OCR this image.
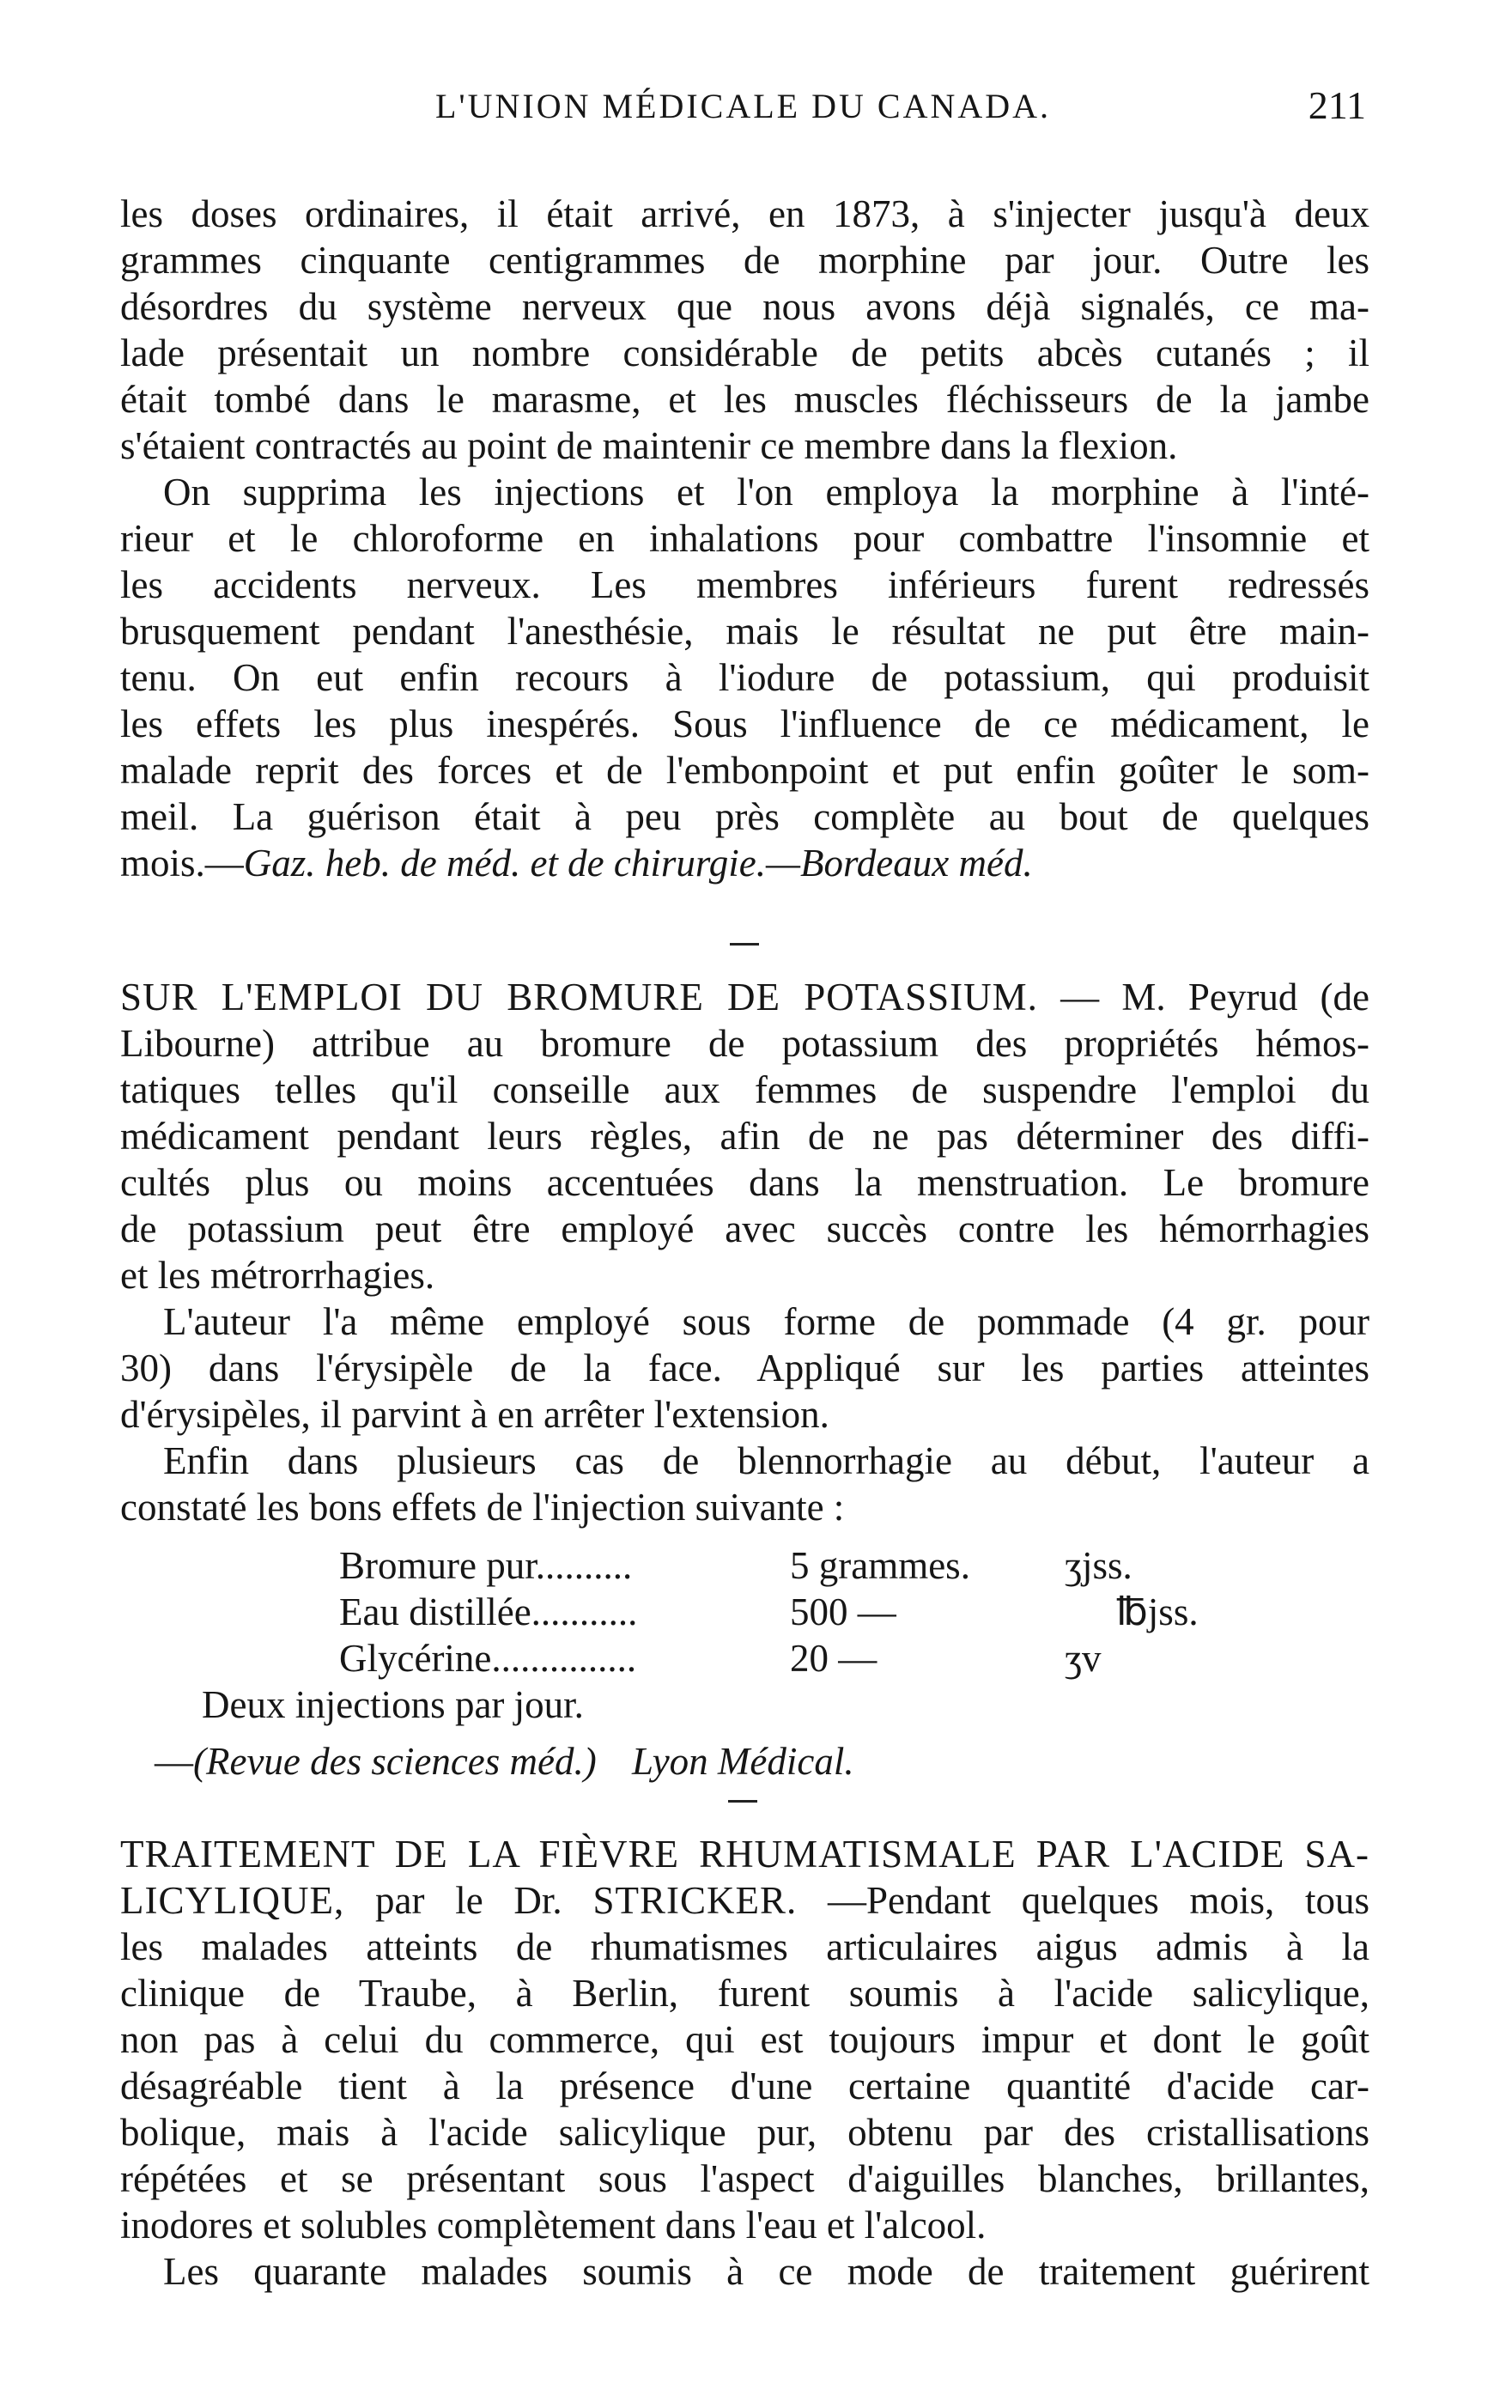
L'UNION MÉDICALE DU CANADA.	211
les doses ordinaires, il était arrivé, en 1873, à s'injecter jusqu'à deux
grammes cinquante centigrammes de morphine par jour. Outre les
désordres du système nerveux que nous avons déjà signalés, ce ma-
lade présentait un nombre considérable de petits abcès cutanés ; il
était tombé dans le marasme, et les muscles fléchisseurs de la jambe
s'étaient contractés au point de maintenir ce membre dans la flexion.
On supprima les injections et l'on employa la morphine à l'inté-
rieur et le chloroforme en inhalations pour combattre l'insomnie et
les accidents nerveux. Les membres inférieurs furent redressés
brusquement pendant l'anesthésie, mais le résultat ne put être main-
tenu. On eut enfin recours à l'iodure de potassium, qui produisit
les effets les plus inespérés. Sous l'influence de ce médicament, le
malade reprit des forces et de l'embonpoint et put enfin goûter le som-
meil. La guérison était à peu près complète au bout de quelques
mois.—Gaz. heb. de méd. et de chirurgie.—Bordeaux méd.
SUR L'EMPLOI DU BROMURE DE POTASSIUM. — M. Peyrud (de
Libourne) attribue au bromure de potassium des propriétés hémos-
tatiques telles qu'il conseille aux femmes de suspendre l'emploi du
médicament pendant leurs règles, afin de ne pas déterminer des diffi-
cultés plus ou moins accentuées dans la menstruation. Le bromure
de potassium peut être employé avec succès contre les hémorrhagies
et les métrorrhagies.
L'auteur l'a même employé sous forme de pommade (4 gr. pour
30) dans l'érysipèle de la face. Appliqué sur les parties atteintes
d'érysipèles, il parvint à en arrêter l'extension.
Enfin dans plusieurs cas de blennorrhagie au début, l'auteur a
constaté les bons effets de l'injection suivante :
Bromure pur..........	5 grammes. ʒjss.
Eau distillée...........	500 —	℔jss.
Glycérine...............	20 —	ʒv
Deux injections par jour.
—(Revue des sciences méd.) Lyon Médical.
TRAITEMENT DE LA FIÈVRE RHUMATISMALE PAR L'ACIDE SA-
LICYLIQUE, par le Dr. STRICKER. —Pendant quelques mois, tous
les malades atteints de rhumatismes articulaires aigus admis à la
clinique de Traube, à Berlin, furent soumis à l'acide salicylique,
non pas à celui du commerce, qui est toujours impur et dont le goût
désagréable tient à la présence d'une certaine quantité d'acide car-
bolique, mais à l'acide salicylique pur, obtenu par des cristallisations
répétées et se présentant sous l'aspect d'aiguilles blanches, brillantes,
inodores et solubles complètement dans l'eau et l'alcool.
Les quarante malades soumis à ce mode de traitement guérirent
